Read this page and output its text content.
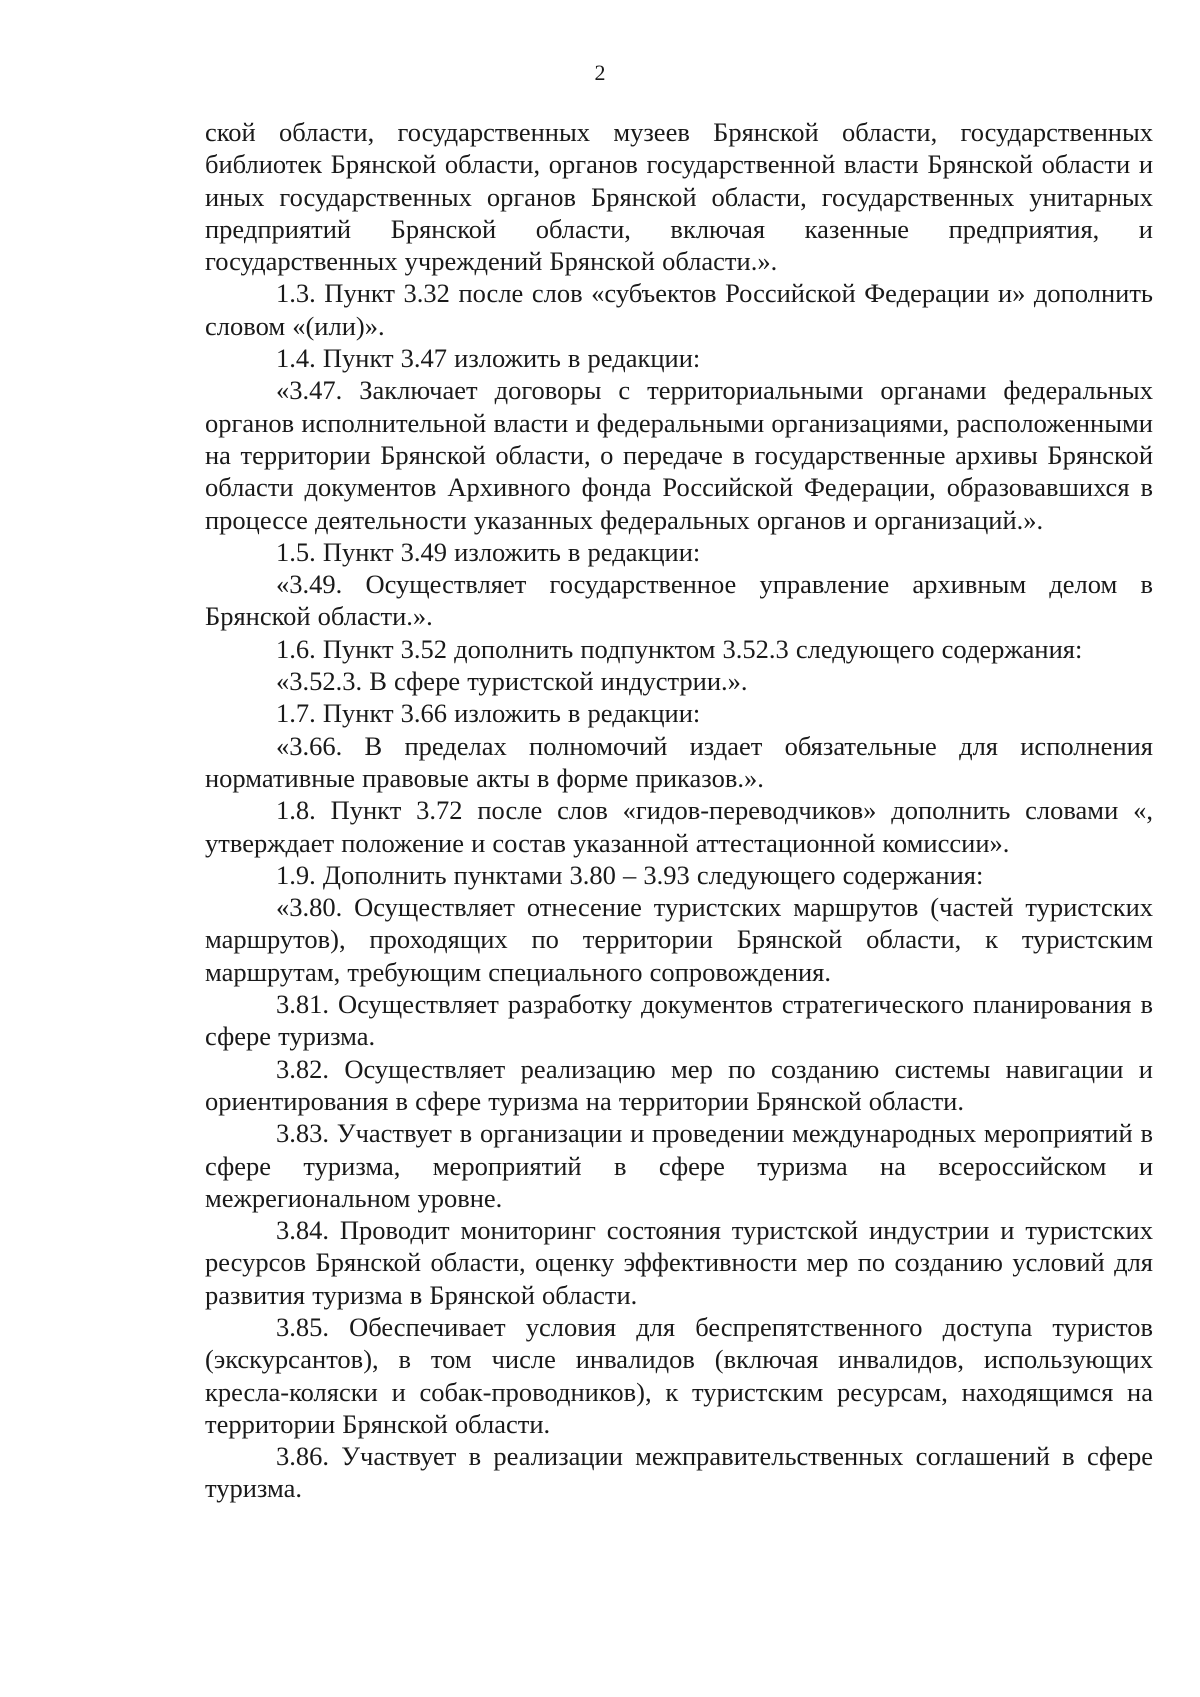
2

ской области, государственных музеев Брянской области, государственных библиотек Брянской области, органов государственной власти Брянской области и иных государственных органов Брянской области, государственных унитарных предприятий Брянской области, включая казенные предприятия, и государственных учреждений Брянской области.».

1.3. Пункт 3.32 после слов «субъектов Российской Федерации и» дополнить словом «(или)».

1.4. Пункт 3.47 изложить в редакции:

«3.47. Заключает договоры с территориальными органами федеральных органов исполнительной власти и федеральными организациями, расположенными на территории Брянской области, о передаче в государственные архивы Брянской области документов Архивного фонда Российской Федерации, образовавшихся в процессе деятельности указанных федеральных органов и организаций.».

1.5. Пункт 3.49 изложить в редакции:

«3.49. Осуществляет государственное управление архивным делом в Брянской области.».

1.6. Пункт 3.52 дополнить подпунктом 3.52.3 следующего содержания:

«3.52.3. В сфере туристской индустрии.».

1.7. Пункт 3.66 изложить в редакции:

«3.66. В пределах полномочий издает обязательные для исполнения нормативные правовые акты в форме приказов.».

1.8. Пункт 3.72 после слов «гидов-переводчиков» дополнить словами «, утверждает положение и состав указанной аттестационной комиссии».

1.9. Дополнить пунктами 3.80 – 3.93 следующего содержания:

«3.80. Осуществляет отнесение туристских маршрутов (частей туристских маршрутов), проходящих по территории Брянской области, к туристским маршрутам, требующим специального сопровождения.

3.81. Осуществляет разработку документов стратегического планирования в сфере туризма.

3.82. Осуществляет реализацию мер по созданию системы навигации и ориентирования в сфере туризма на территории Брянской области.

3.83. Участвует в организации и проведении международных мероприятий в сфере туризма, мероприятий в сфере туризма на всероссийском и межрегиональном уровне.

3.84. Проводит мониторинг состояния туристской индустрии и туристских ресурсов Брянской области, оценку эффективности мер по созданию условий для развития туризма в Брянской области.

3.85. Обеспечивает условия для беспрепятственного доступа туристов (экскурсантов), в том числе инвалидов (включая инвалидов, использующих кресла-коляски и собак-проводников), к туристским ресурсам, находящимся на территории Брянской области.

3.86. Участвует в реализации межправительственных соглашений в сфере туризма.
